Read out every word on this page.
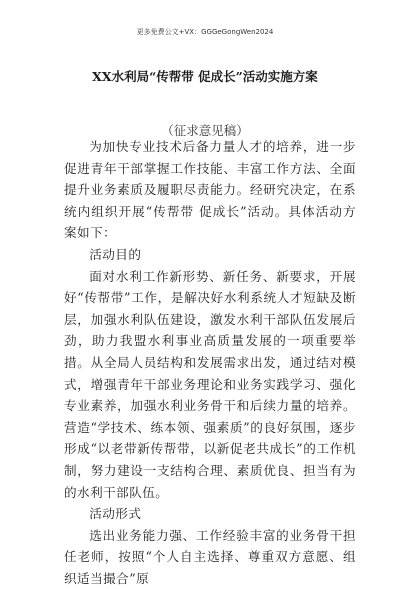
更多免费公文+VX：GGGeGongWen2024
XX水利局“传帮带 促成长”活动实施方案
（征求意见稿）

为加快专业技术后备力量人才的培养，进一步促进青年干部掌握工作技能、丰富工作方法、全面提升业务素质及履职尽责能力。经研究决定，在系统内组织开展“传帮带 促成长”活动。具体活动方案如下：

活动目的

面对水利工作新形势、新任务、新要求，开展好“传帮带”工作，是解决好水利系统人才短缺及断层，加强水利队伍建设，激发水利干部队伍发展后劲，助力我盟水利事业高质量发展的一项重要举措。从全局人员结构和发展需求出发，通过结对模式，增强青年干部业务理论和业务实践学习、强化专业素养，加强水利业务骨干和后续力量的培养。营造“学技术、练本领、强素质”的良好氛围，逐步形成“以老带新传帮带，以新促老共成长”的工作机制，努力建设一支结构合理、素质优良、担当有为的水利干部队伍。

活动形式

选出业务能力强、工作经验丰富的业务骨干担任老师，按照“个人自主选择、尊重双方意愿、组织适当撮合”原
